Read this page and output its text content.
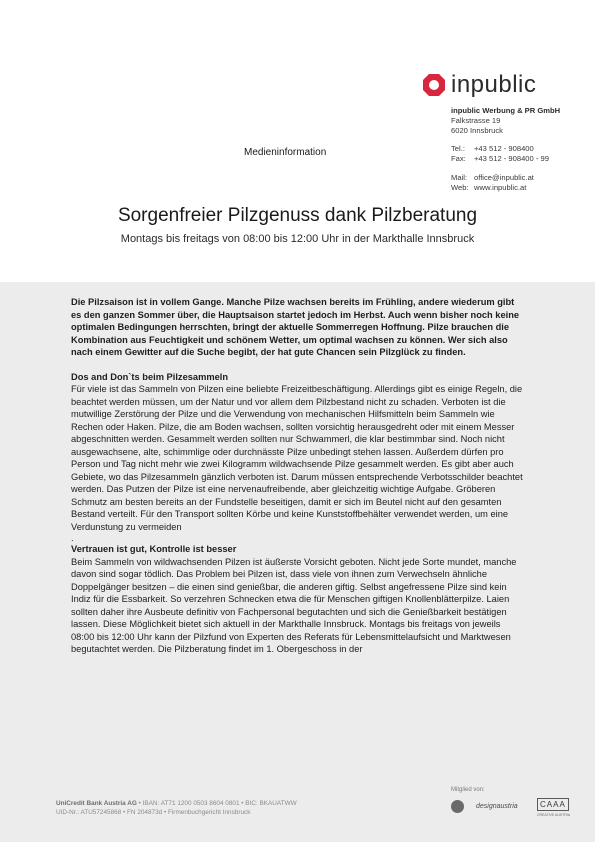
inpublic
inpublic Werbung & PR GmbH
Falkstrasse 19
6020 Innsbruck
Tel.:	+43 512 - 908400
Fax:	+43 512 - 908400 - 99
Mail: office@inpublic.at
Web: www.inpublic.at
Medieninformation
Sorgenfreier Pilzgenuss dank Pilzberatung
Montags bis freitags von 08:00 bis 12:00 Uhr in der Markthalle Innsbruck

Die Pilzsaison ist in vollem Gange. Manche Pilze wachsen bereits im Frühling, andere wiederum gibt es den ganzen Sommer über, die Hauptsaison startet jedoch im Herbst. Auch wenn bisher noch keine optimalen Bedingungen herrschten, bringt der aktuelle Sommerregen Hoffnung. Pilze brauchen die Kombination aus Feuchtigkeit und schönem Wetter, um optimal wachsen zu können. Wer sich also nach einem Gewitter auf die Suche begibt, der hat gute Chancen sein Pilzglück zu finden.

Dos and Don`ts beim Pilzesammeln

Für viele ist das Sammeln von Pilzen eine beliebte Freizeitbeschäftigung. Allerdings gibt es einige Regeln, die beachtet werden müssen, um der Natur und vor allem dem Pilzbestand nicht zu schaden. Verboten ist die mutwillige Zerstörung der Pilze und die Verwendung von mechanischen Hilfsmitteln beim Sammeln wie Rechen oder Haken. Pilze, die am Boden wachsen, sollten vorsichtig herausgedreht oder mit einem Messer abgeschnitten werden. Gesammelt werden sollten nur Schwammerl, die klar bestimmbar sind. Noch nicht ausgewachsene, alte, schimmlige oder durchnässte Pilze unbedingt stehen lassen. Außerdem dürfen pro Person und Tag nicht mehr wie zwei Kilogramm wildwachsende Pilze gesammelt werden. Es gibt aber auch Gebiete, wo das Pilzesammeln gänzlich verboten ist. Darum müssen entsprechende Verbotsschilder beachtet werden. Das Putzen der Pilze ist eine nervenaufreibende, aber gleichzeitig wichtige Aufgabe. Gröberen Schmutz am besten bereits an der Fundstelle beseitigen, damit er sich im Beutel nicht auf den gesamten Bestand verteilt. Für den Transport sollten Körbe und keine Kunststoffbehälter verwendet werden, um eine Verdunstung zu vermeiden

.
Vertrauen ist gut, Kontrolle ist besser

Beim Sammeln von wildwachsenden Pilzen ist äußerste Vorsicht geboten. Nicht jede Sorte mundet, manche davon sind sogar tödlich. Das Problem bei Pilzen ist, dass viele von ihnen zum Verwechseln ähnliche Doppelgänger besitzen – die einen sind genießbar, die anderen giftig. Selbst angefressene Pilze sind kein Indiz für die Essbarkeit. So verzehren Schnecken etwa die für Menschen giftigen Knollenblätterpilze. Laien sollten daher ihre Ausbeute definitiv von Fachpersonal begutachten und sich die Genießbarkeit bestätigen lassen. Diese Möglichkeit bietet sich aktuell in der Markthalle Innsbruck. Montags bis freitags von jeweils 08:00 bis 12:00 Uhr kann der Pilzfund von Experten des Referats für Lebensmittelaufsicht und Marktwesen begutachtet werden. Die Pilzberatung findet im 1. Obergeschoss in der

UniCredit Bank Austria AG • IBAN: AT71 1200 0503 8604 0801 • BIC: BKAUATWW
UID-Nr.: ATU57245868 • FN 204873d • Firmenbuchgericht Innsbruck
Mitglied von:
designaustria	CAAA
CREATIVE AUSTRIA
